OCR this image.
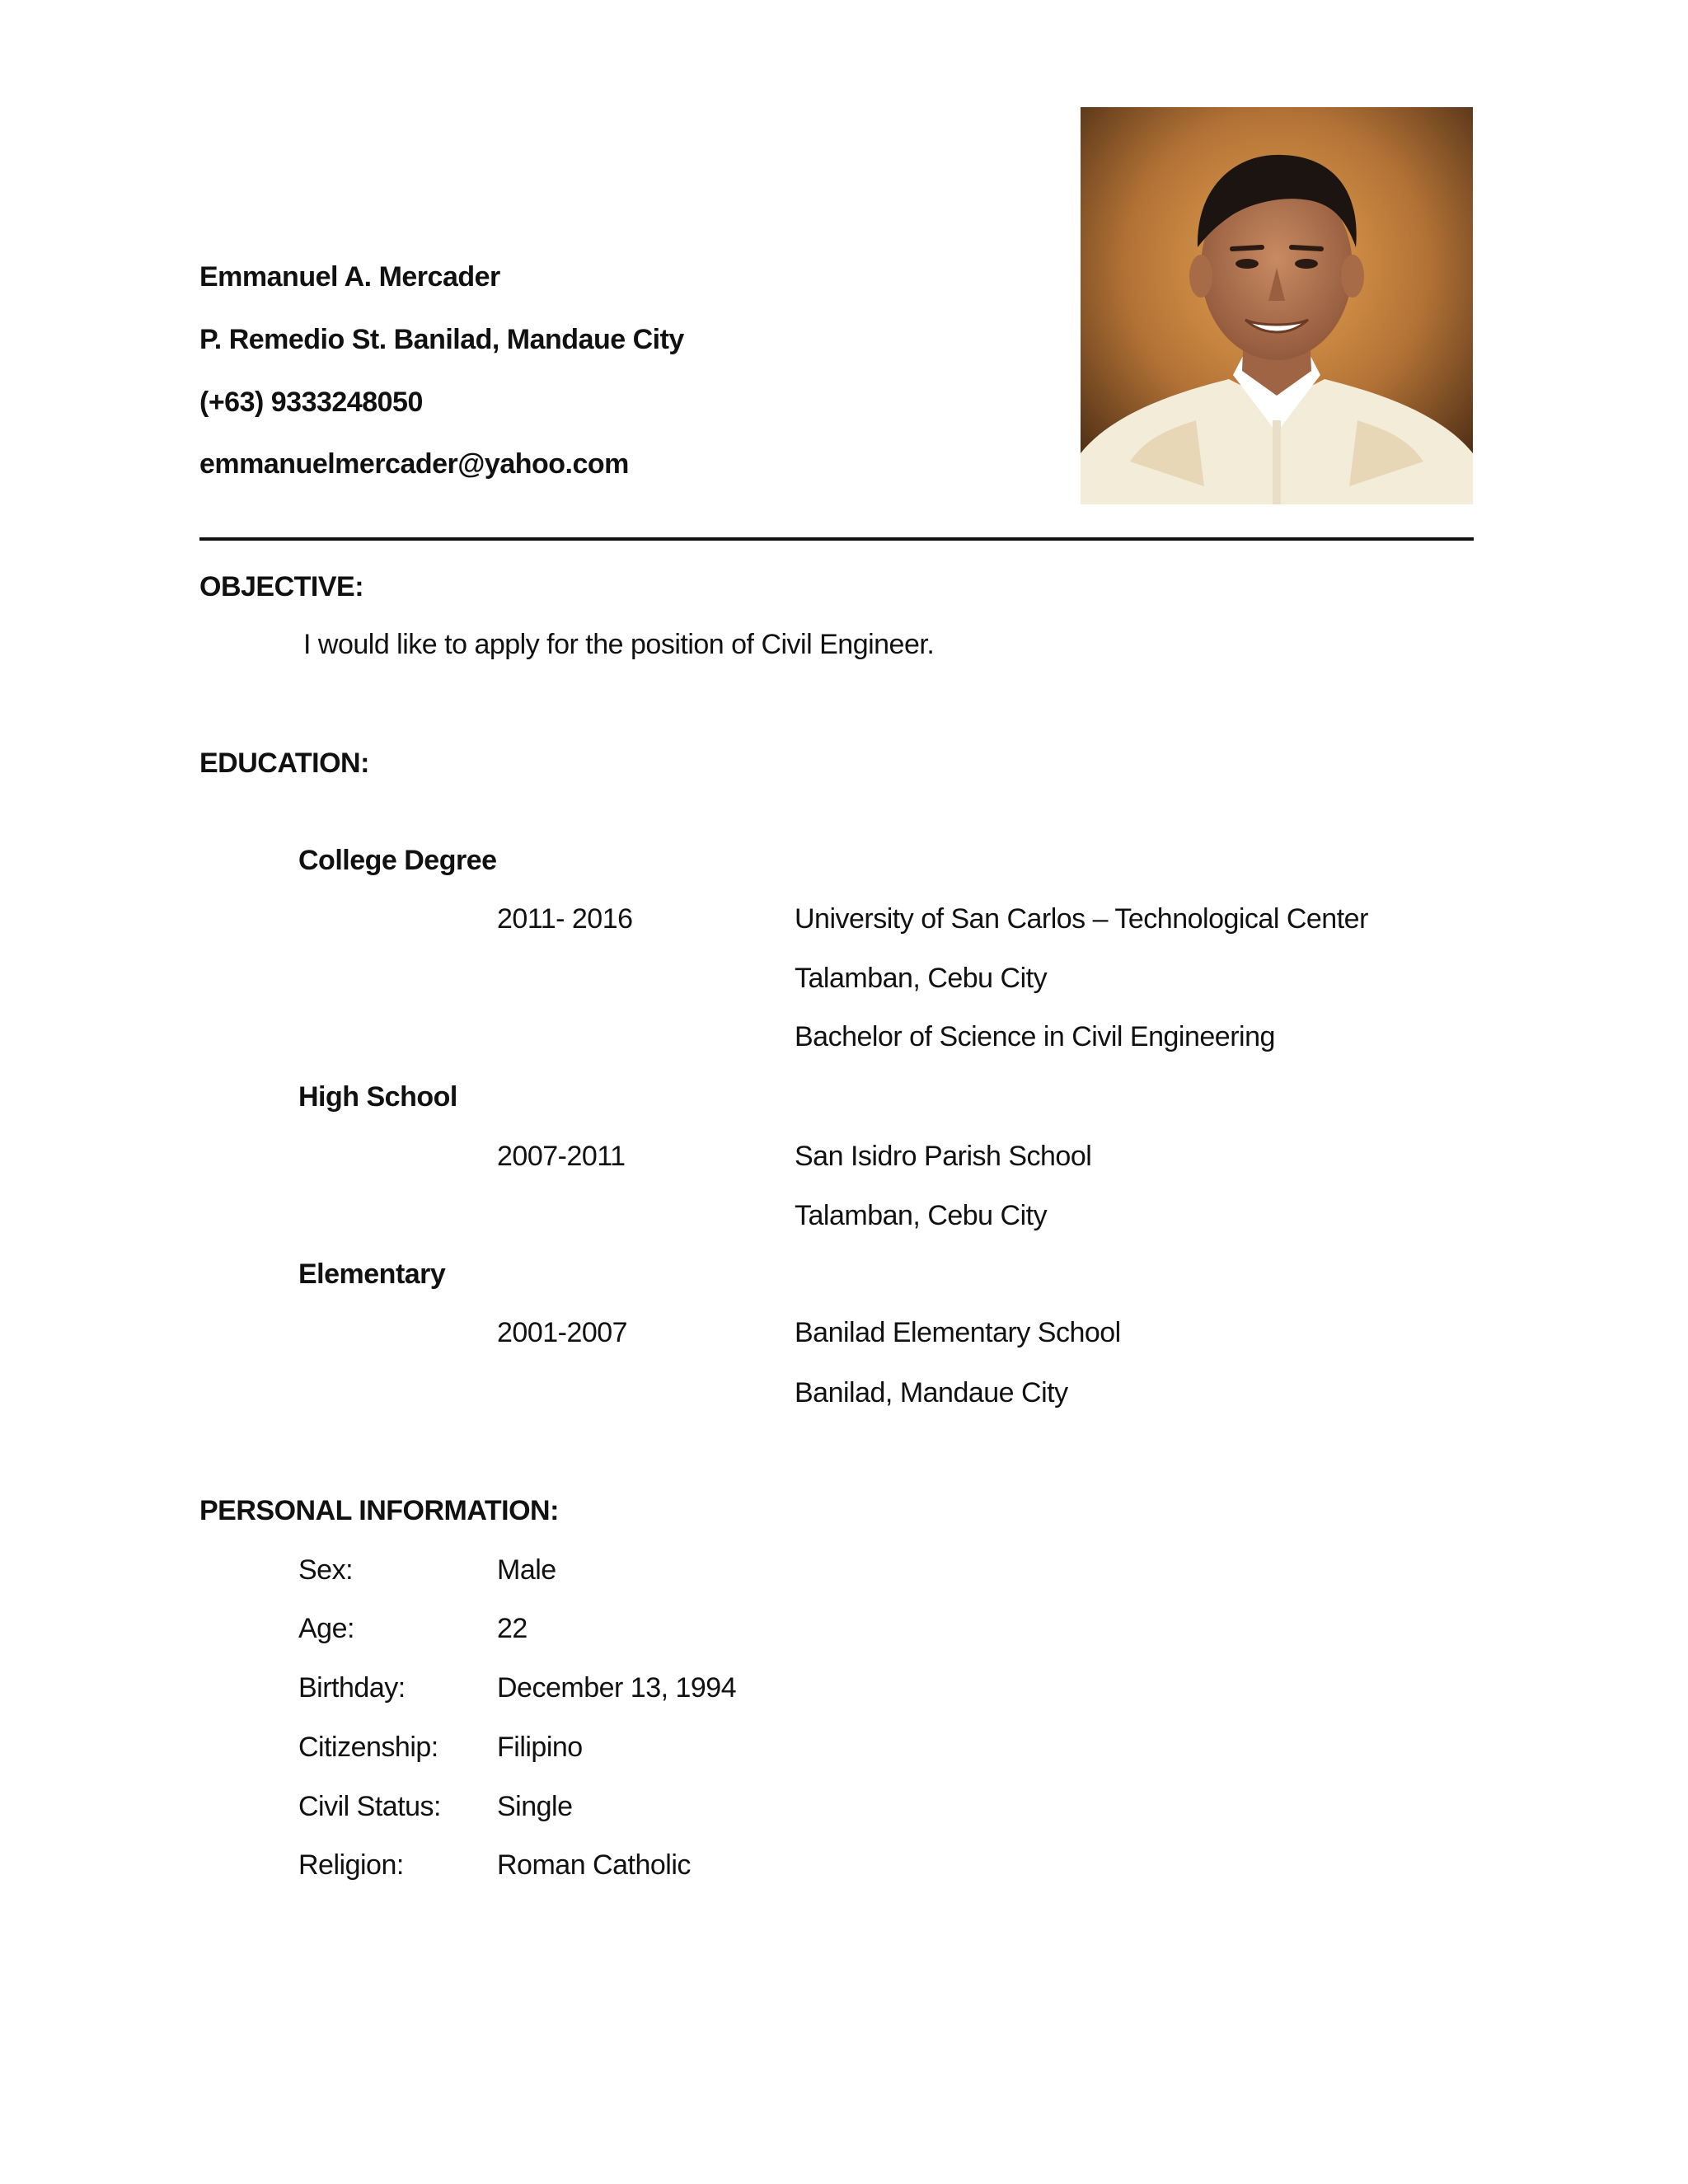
Emmanuel A. Mercader
P. Remedio St. Banilad, Mandaue City
(+63) 9333248050
emmanuelmercader@yahoo.com
OBJECTIVE:
I would like to apply for the position of Civil Engineer.
EDUCATION:
College Degree
2011- 2016	University of San Carlos – Technological Center
Talamban, Cebu City
Bachelor of Science in Civil Engineering
High School
2007-2011	San Isidro Parish School
Talamban, Cebu City
Elementary
2001-2007	Banilad Elementary School
Banilad, Mandaue City
PERSONAL INFORMATION:
Sex:	Male
Age:	22
Birthday:	December 13, 1994
Citizenship: Filipino
Civil Status: Single
Religion:	Roman Catholic
